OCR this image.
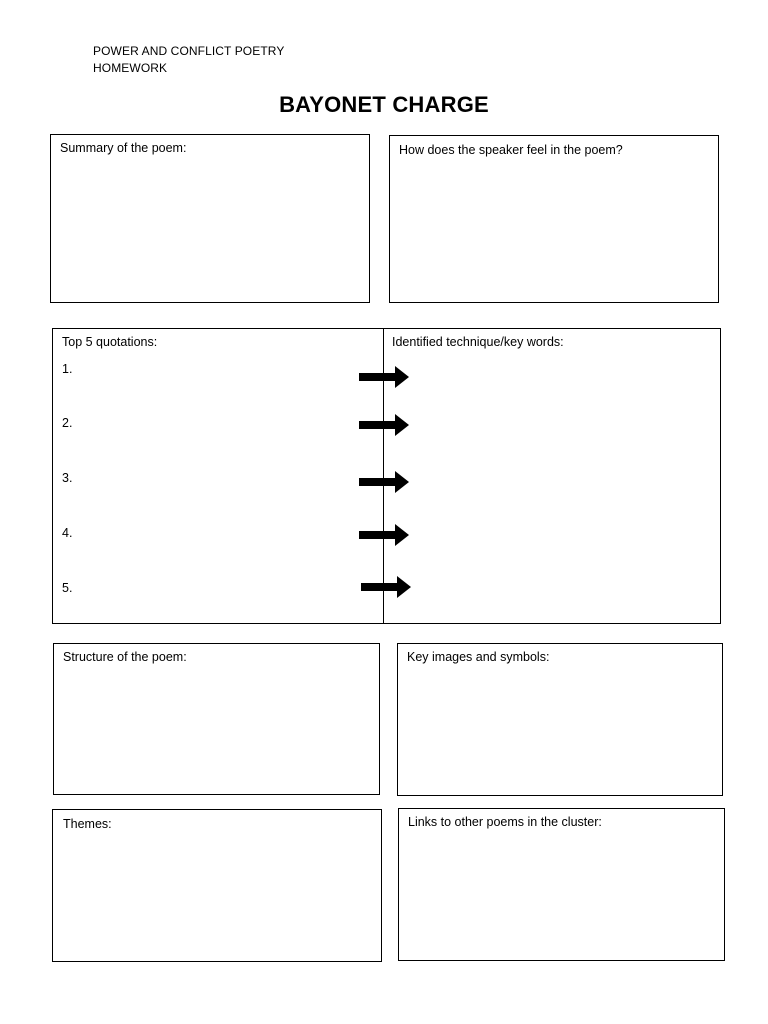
POWER AND CONFLICT POETRY
HOMEWORK
BAYONET CHARGE
Summary of the poem:	How does the speaker feel in the poem?
Top 5 quotations:	Identified technique/key words:
1.
2.
3.
4.
5.
Structure of the poem:	Key images and symbols:
Themes:	Links to other poems in the cluster:
